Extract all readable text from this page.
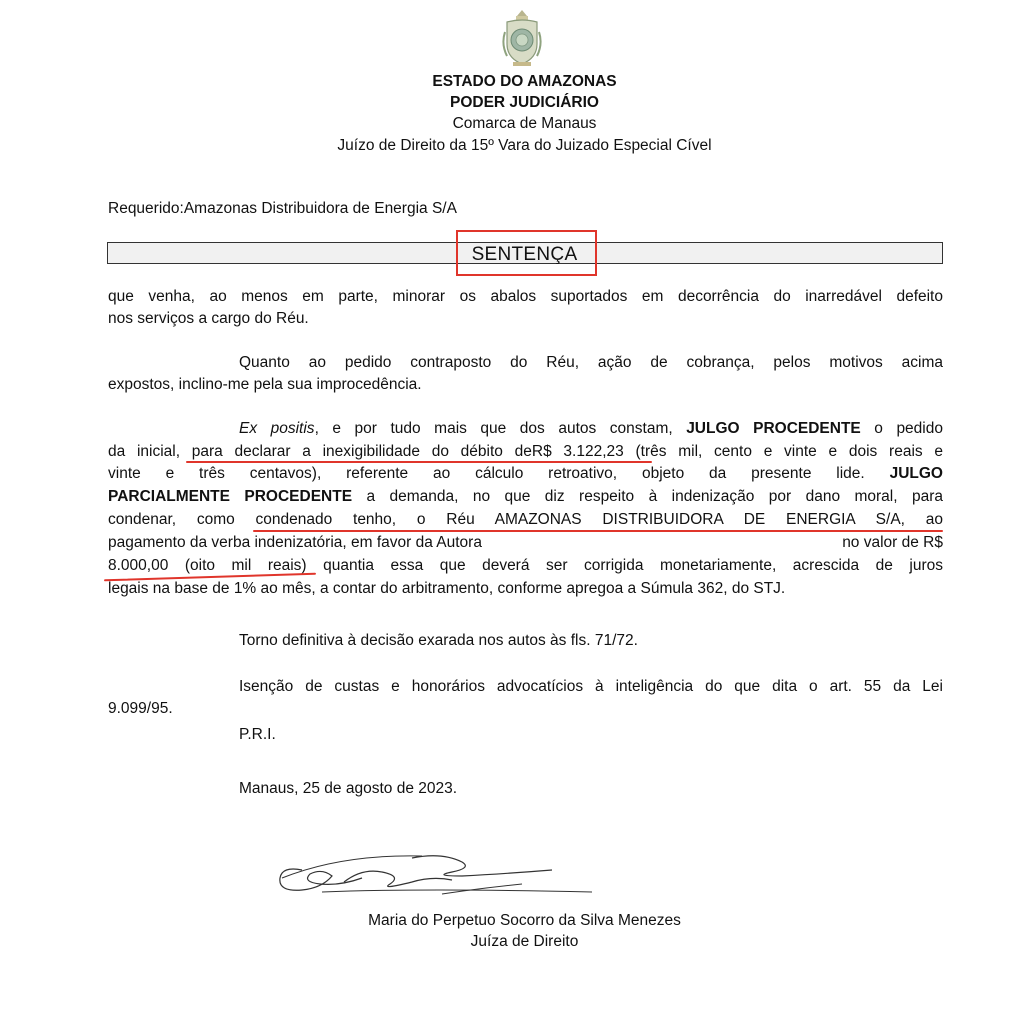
ESTADO DO AMAZONAS
PODER JUDICIÁRIO
Comarca de Manaus
Juízo de Direito da 15º Vara do Juizado Especial Cível
Requerido:Amazonas Distribuidora de Energia S/A
SENTENÇA
que venha, ao menos em parte, minorar os abalos suportados em decorrência do inarredável defeito
nos serviços a cargo do Réu.
Quanto ao pedido contraposto do Réu, ação de cobrança, pelos motivos acima
expostos, inclino-me pela sua improcedência.
Ex positis, e por tudo mais que dos autos constam, JULGO PROCEDENTE o pedido
da inicial, para declarar a inexigibilidade do débito deR$ 3.122,23 (três mil, cento e vinte e dois reais e
vinte e três centavos), referente ao cálculo retroativo, objeto da presente lide. JULGO
PARCIALMENTE PROCEDENTE a demanda, no que diz respeito à indenização por dano moral, para
condenar, como condenado tenho, o Réu AMAZONAS DISTRIBUIDORA DE ENERGIA S/A, ao
pagamento da verba indenizatória, em favor da Autora	no valor de R$
8.000,00 (oito mil reais) quantia essa que deverá ser corrigida monetariamente, acrescida de juros
legais na base de 1% ao mês, a contar do arbitramento, conforme apregoa a Súmula 362, do STJ.
Torno definitiva à decisão exarada nos autos às fls. 71/72.
Isenção de custas e honorários advocatícios à inteligência do que dita o art. 55 da Lei
9.099/95.
P.R.I.
Manaus, 25 de agosto de 2023.
Maria do Perpetuo Socorro da Silva Menezes
Juíza de Direito
